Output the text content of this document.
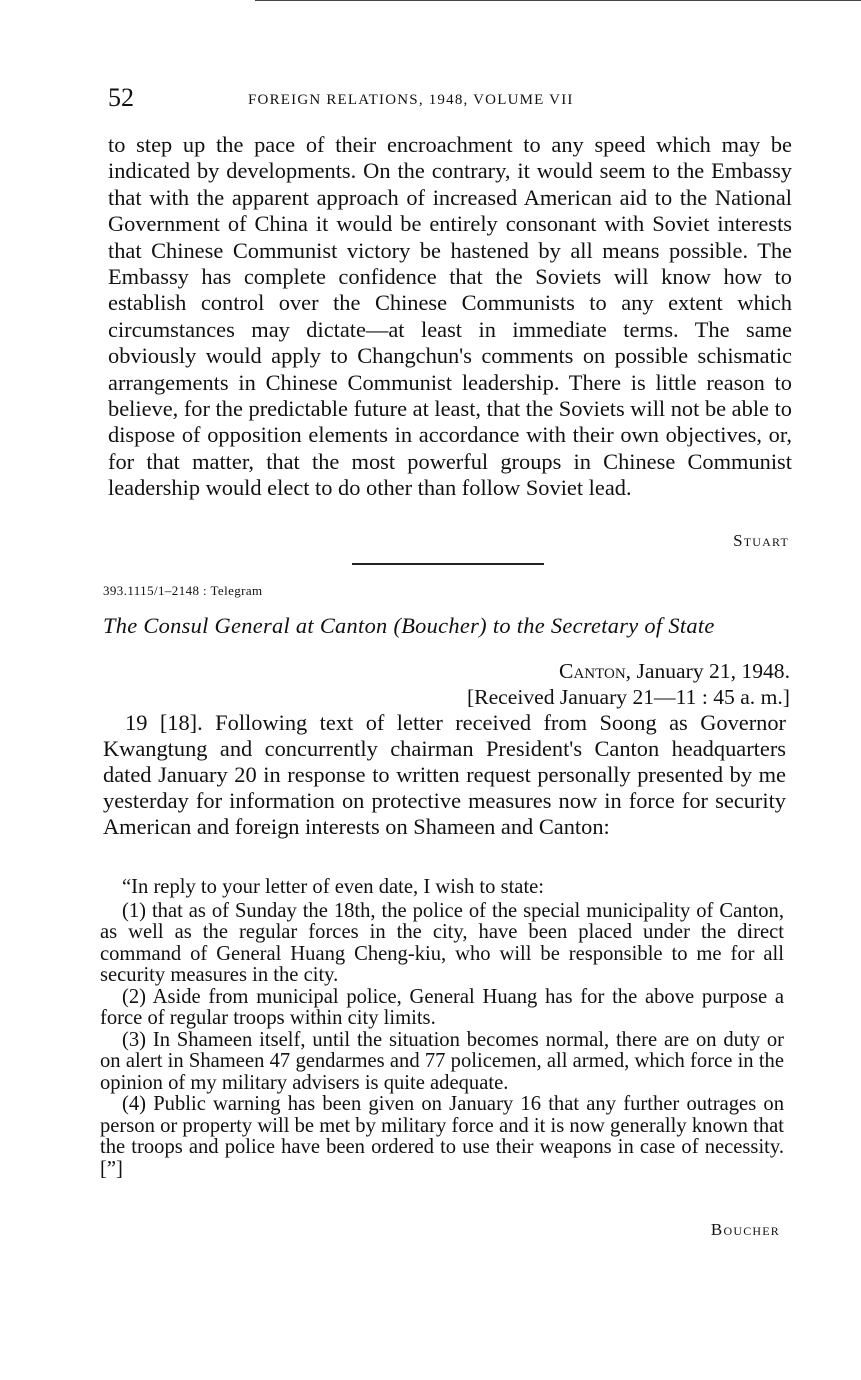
52	FOREIGN RELATIONS, 1948, VOLUME VII

to step up the pace of their encroachment to any speed which may be indicated by developments. On the contrary, it would seem to the Embassy that with the apparent approach of increased American aid to the National Government of China it would be entirely consonant with Soviet interests that Chinese Communist victory be hastened by all means possible. The Embassy has complete confidence that the Soviets will know how to establish control over the Chinese Communists to any extent which circumstances may dictate—at least in immediate terms. The same obviously would apply to Changchun's comments on possible schismatic arrangements in Chinese Communist leadership. There is little reason to believe, for the predictable future at least, that the Soviets will not be able to dispose of opposition elements in accordance with their own objectives, or, for that matter, that the most powerful groups in Chinese Communist leadership would elect to do other than follow Soviet lead.

Stuart
393.1115/1–2148 : Telegram
The Consul General at Canton (Boucher) to the Secretary of State
Canton, January 21, 1948.
[Received January 21—11 : 45 a. m.]

19 [18]. Following text of letter received from Soong as Governor Kwangtung and concurrently chairman President's Canton headquarters dated January 20 in response to written request personally presented by me yesterday for information on protective measures now in force for security American and foreign interests on Shameen and Canton:

“In reply to your letter of even date, I wish to state:

(1) that as of Sunday the 18th, the police of the special municipality of Canton, as well as the regular forces in the city, have been placed under the direct command of General Huang Cheng-kiu, who will be responsible to me for all security measures in the city.

(2) Aside from municipal police, General Huang has for the above purpose a force of regular troops within city limits.

(3) In Shameen itself, until the situation becomes normal, there are on duty or on alert in Shameen 47 gendarmes and 77 policemen, all armed, which force in the opinion of my military advisers is quite adequate.

(4) Public warning has been given on January 16 that any further outrages on person or property will be met by military force and it is now generally known that the troops and police have been ordered to use their weapons in case of necessity.[”]

Boucher
